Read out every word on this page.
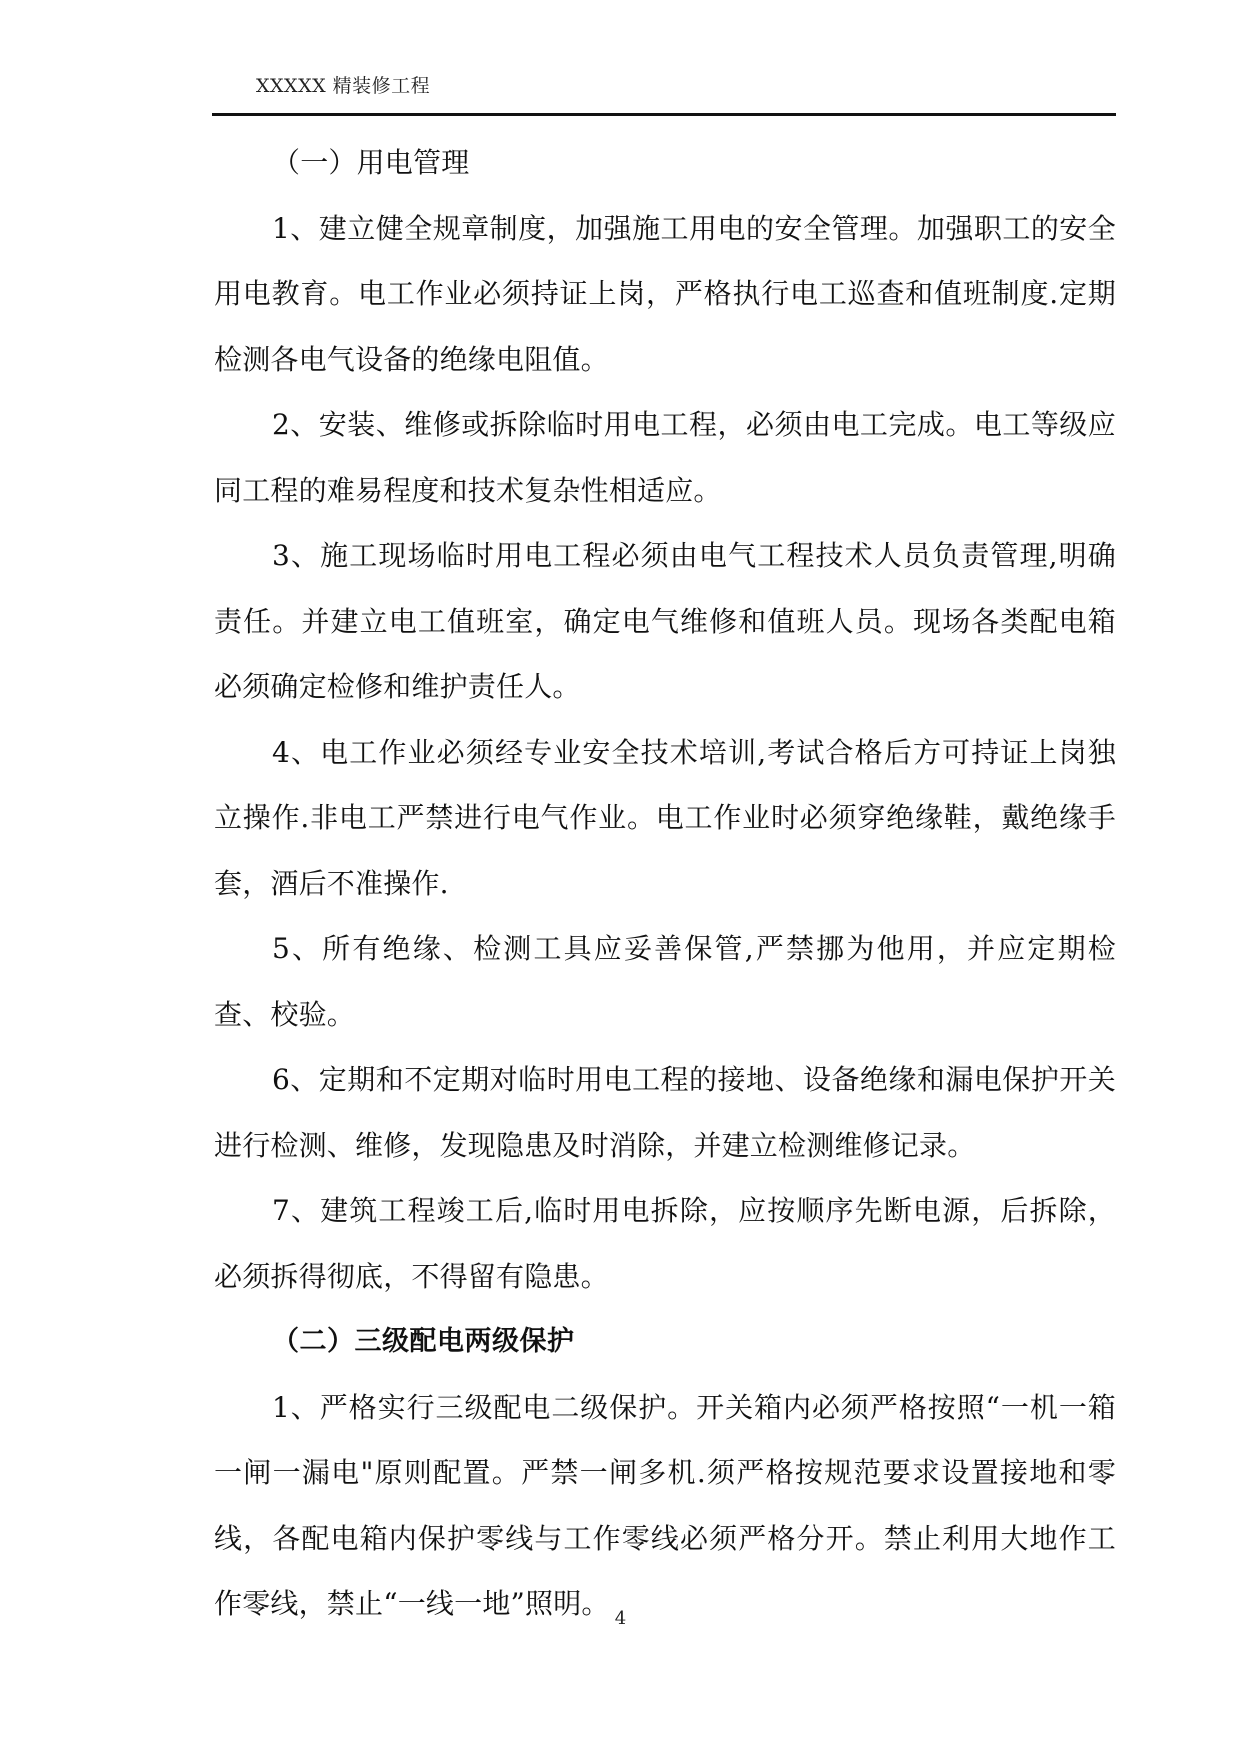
XXXXX 精装修工程

（一）用电管理

1、建立健全规章制度，加强施工用电的安全管理。加强职工的安全用电教育。电工作业必须持证上岗，严格执行电工巡查和值班制度.定期检测各电气设备的绝缘电阻值。

2、安装、维修或拆除临时用电工程，必须由电工完成。电工等级应同工程的难易程度和技术复杂性相适应。

3、施工现场临时用电工程必须由电气工程技术人员负责管理,明确责任。并建立电工值班室，确定电气维修和值班人员。现场各类配电箱必须确定检修和维护责任人。

4、电工作业必须经专业安全技术培训,考试合格后方可持证上岗独立操作.非电工严禁进行电气作业。电工作业时必须穿绝缘鞋，戴绝缘手套，酒后不准操作.

5、所有绝缘、检测工具应妥善保管,严禁挪为他用，并应定期检查、校验。

6、定期和不定期对临时用电工程的接地、设备绝缘和漏电保护开关进行检测、维修，发现隐患及时消除，并建立检测维修记录。

7、建筑工程竣工后,临时用电拆除，应按顺序先断电源，后拆除，必须拆得彻底，不得留有隐患。

（二）三级配电两级保护

1、严格实行三级配电二级保护。开关箱内必须严格按照“一机一箱一闸一漏电"原则配置。严禁一闸多机.须严格按规范要求设置接地和零线，各配电箱内保护零线与工作零线必须严格分开。禁止利用大地作工作零线，禁止“一线一地”照明。 4
